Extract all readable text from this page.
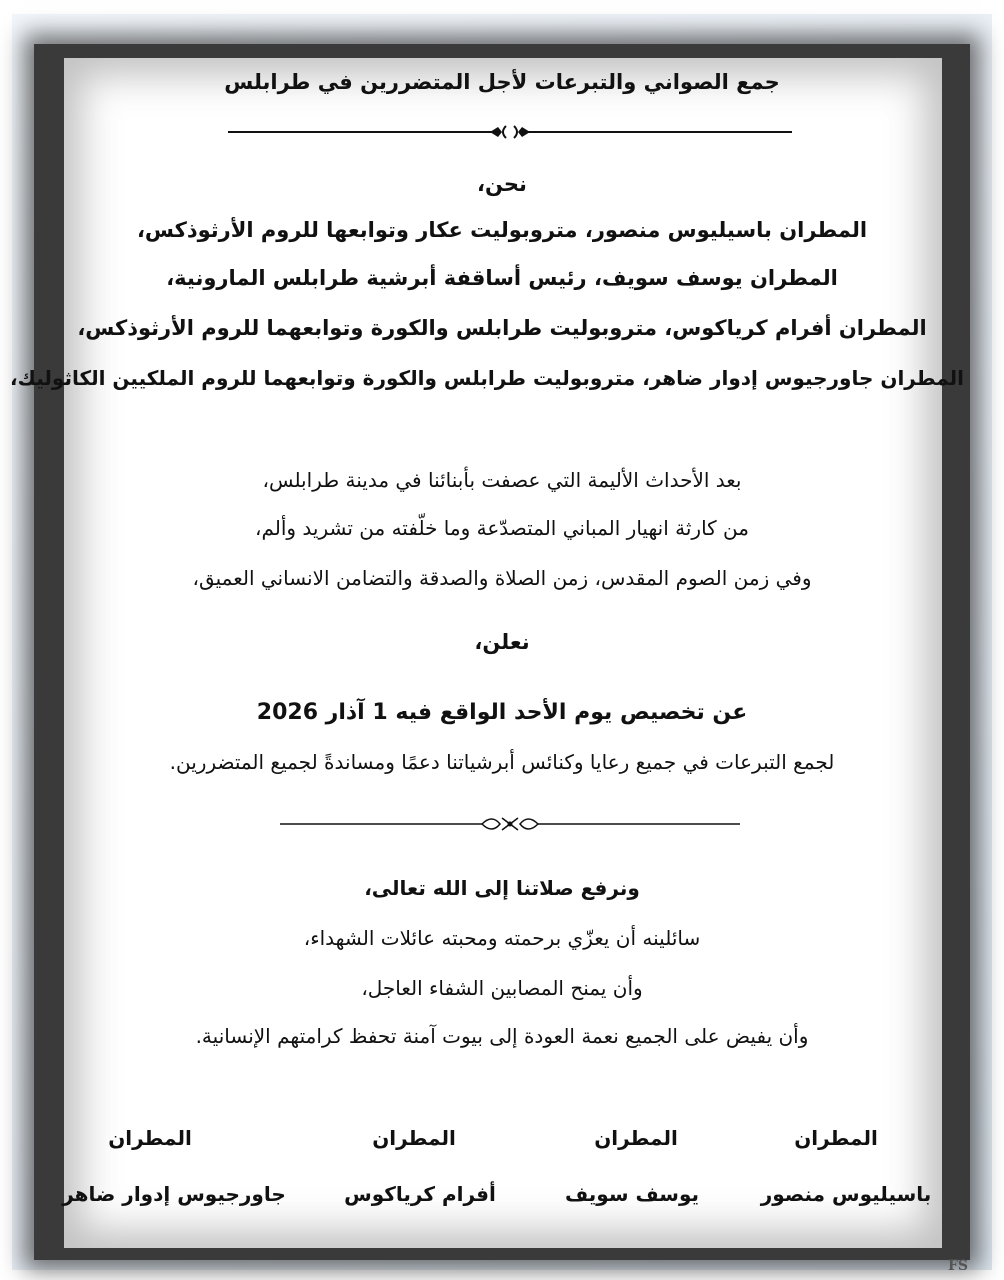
جمع الصواني والتبرعات لأجل المتضررين في طرابلس
نحن،
المطران باسيليوس منصور، متروبوليت عكار وتوابعها للروم الأرثوذكس،
المطران يوسف سويف، رئيس أساقفة أبرشية طرابلس المارونية،
المطران أفرام كرياكوس، متروبوليت طرابلس والكورة وتوابعهما للروم الأرثوذكس،
المطران جاورجيوس إدوار ضاهر، متروبوليت طرابلس والكورة وتوابعهما للروم الملكيين الكاثوليك،
بعد الأحداث الأليمة التي عصفت بأبنائنا في مدينة طرابلس،
من كارثة انهيار المباني المتصدّعة وما خلّفته من تشريد وألم،
وفي زمن الصوم المقدس، زمن الصلاة والصدقة والتضامن الانساني العميق،
نعلن،
عن تخصيص يوم الأحد الواقع فيه 1 آذار 2026
لجمع التبرعات في جميع رعايا وكنائس أبرشياتنا دعمًا ومساندةً لجميع المتضررين.
ونرفع صلاتنا إلى الله تعالى،
سائلينه أن يعزّي برحمته ومحبته عائلات الشهداء،
وأن يمنح المصابين الشفاء العاجل،
وأن يفيض على الجميع نعمة العودة إلى بيوت آمنة تحفظ كرامتهم الإنسانية.
المطران
باسيليوس منصور
المطران
يوسف سويف
المطران
أفرام كرياكوس
المطران
جاورجيوس إدوار ضاهر
FS
